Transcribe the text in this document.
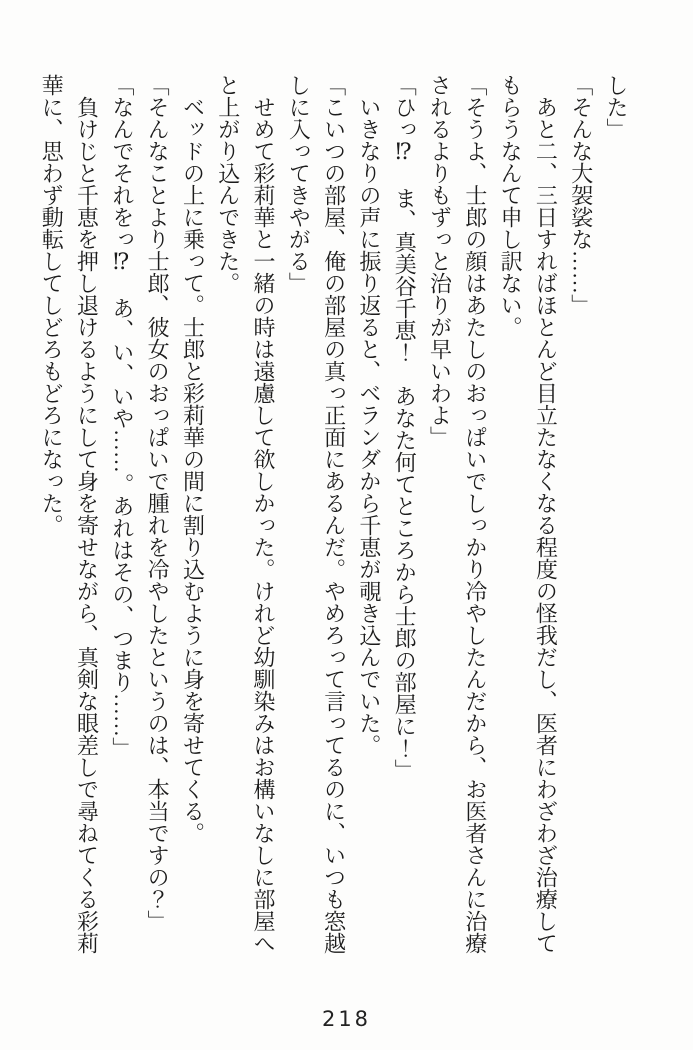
した」

「そんな大袈裟な……」

　あと二、三日すればほとんど目立たなくなる程度の怪我だし、医者にわざわざ治療して

もらうなんて申し訳ない。

「そうよ、士郎の顔はあたしのおっぱいでしっかり冷やしたんだから、お医者さんに治療

されるよりもずっと治りが早いわよ」

「ひっ⁉　ま、真美谷千恵！　あなた何てところから士郎の部屋に！」

　いきなりの声に振り返ると、ベランダから千恵が覗き込んでいた。

「こいつの部屋、俺の部屋の真っ正面にあるんだ。やめろって言ってるのに、いつも窓越

しに入ってきやがる」

　せめて彩莉華と一緒の時は遠慮して欲しかった。けれど幼馴染みはお構いなしに部屋へ

と上がり込んできた。

　ベッドの上に乗って。士郎と彩莉華の間に割り込むように身を寄せてくる。

「そんなことより士郎、彼女のおっぱいで腫れを冷やしたというのは、本当ですの？」

「なんでそれをっ⁉　あ、い、いや……。あれはその、つまり……」

　負けじと千恵を押し退けるようにして身を寄せながら、真剣な眼差しで尋ねてくる彩莉

華に、思わず動転してしどろもどろになった。

218
